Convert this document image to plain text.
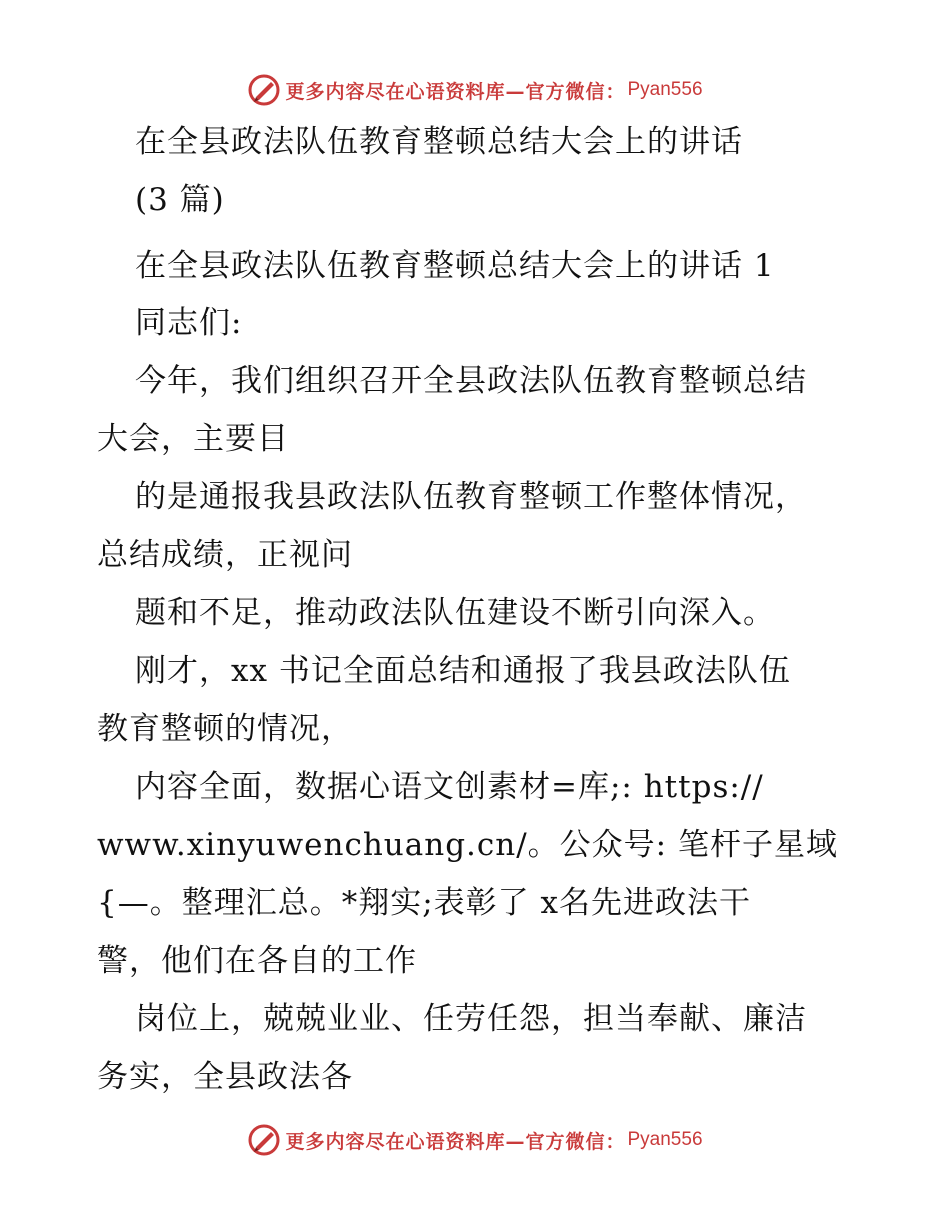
更多内容尽在心语资料库—官方微信： Pyan556
在全县政法队伍教育整顿总结大会上的讲话
(3 篇)
在全县政法队伍教育整顿总结大会上的讲话 1
同志们:
今年，我们组织召开全县政法队伍教育整顿总结
大会，主要目
的是通报我县政法队伍教育整顿工作整体情况，
总结成绩，正视问
题和不足，推动政法队伍建设不断引向深入。
刚才，xx 书记全面总结和通报了我县政法队伍
教育整顿的情况，
内容全面，数据心语文创素材=库;: https://
www.xinyuwenchuang.cn/。公众号: 笔杆子星域
{—。整理汇总。*翔实;表彰了 x名先进政法干
警，他们在各自的工作
岗位上，兢兢业业、任劳任怨，担当奉献、廉洁
务实，全县政法各
更多内容尽在心语资料库—官方微信： Pyan556
